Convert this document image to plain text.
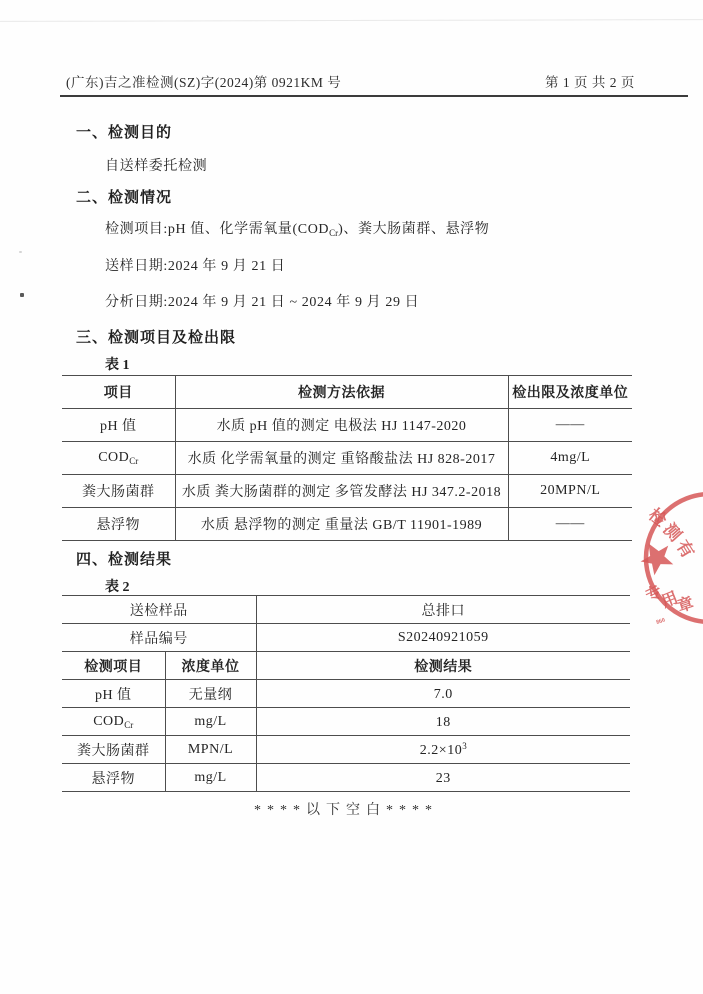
(广东)吉之准检测(SZ)字(2024)第 0921KM 号	第 1 页 共 2 页
一、检测目的
自送样委托检测
二、检测情况
检测项目:pH 值、化学需氧量$(COD_{Cr})$、粪大肠菌群、悬浮物
送样日期:2024 年 9 月 21 日
分析日期:2024 年 9 月 21 日 ~ 2024 年 9 月 29 日
三、检测项目及检出限
表 1
项目	检测方法依据	检出限及浓度单位
pH 值	水质 pH 值的测定 电极法 HJ 1147-2020	——
$COD_{Cr}$	水质 化学需氧量的测定 重铬酸盐法 HJ 828-2017	4mg/L
粪大肠菌群	水质 粪大肠菌群的测定 多管发酵法 HJ 347.2-2018	20MPN/L
悬浮物	水质 悬浮物的测定 重量法 GB/T 11901-1989	——
四、检测结果
表 2
送检样品		总排口
样品编号		S20240921059
检测项目	浓度单位	检测结果
pH 值	无量纲	7.0
$COD_{Cr}$	mg/L	18
粪大肠菌群	MPN/L	$2.2\times 10^3$
悬浮物	mg/L	23
****以下空白****
检
测
有
专
用
章
860
